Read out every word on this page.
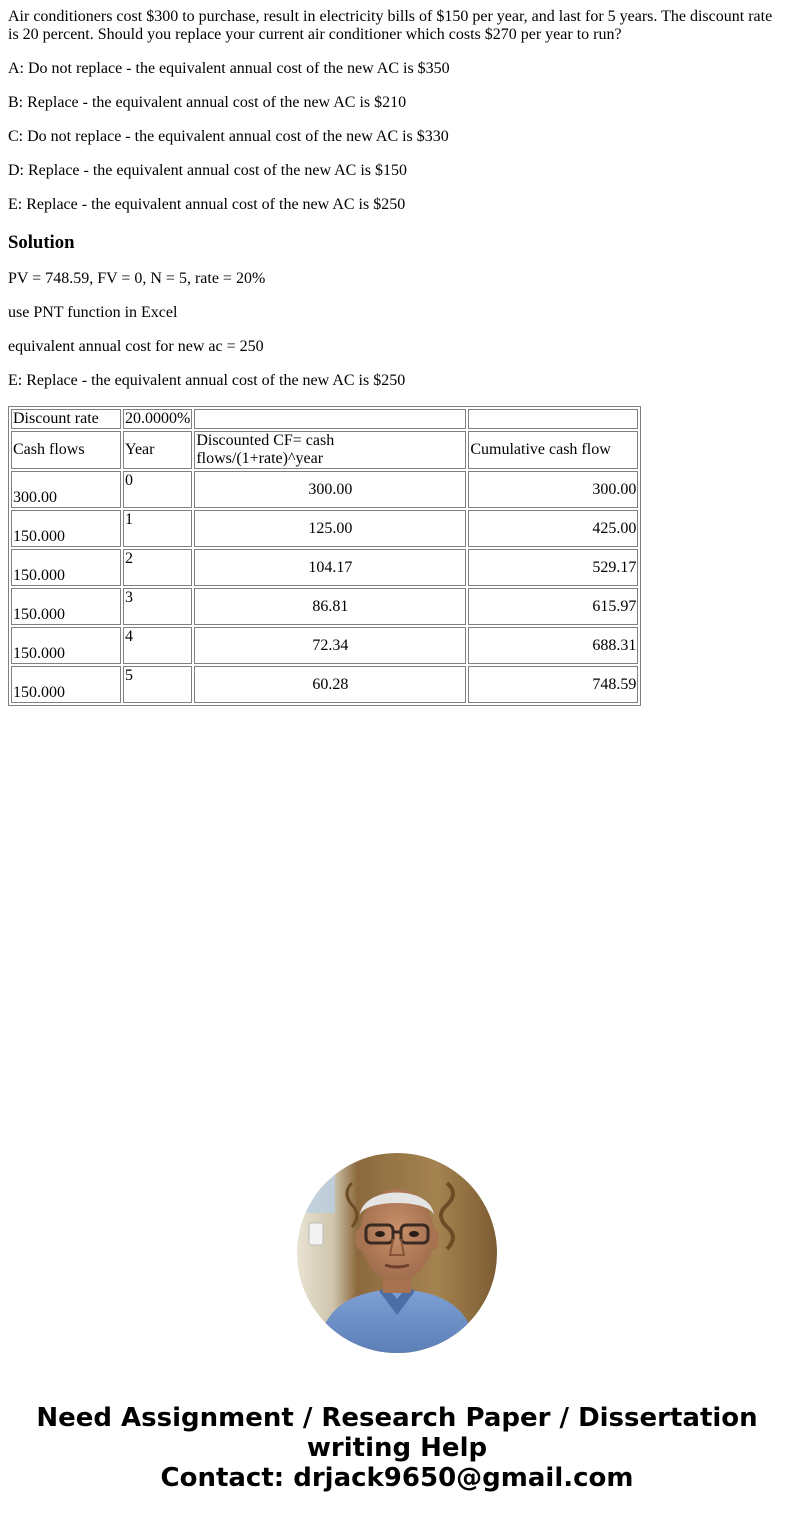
Air conditioners cost $300 to purchase, result in electricity bills of $150 per year, and last for 5 years. The discount rate is 20 percent. Should you replace your current air conditioner which costs $270 per year to run?

A: Do not replace - the equivalent annual cost of the new AC is $350

B: Replace - the equivalent annual cost of the new AC is $210

C: Do not replace - the equivalent annual cost of the new AC is $330

D: Replace - the equivalent annual cost of the new AC is $150

E: Replace - the equivalent annual cost of the new AC is $250

Solution

PV = 748.59, FV = 0, N = 5, rate = 20%

use PNT function in Excel

equivalent annual cost for new ac = 250

E: Replace - the equivalent annual cost of the new AC is $250

Discount rate	20.0000%		
Cash flows	Year	Discounted CF= cash flows/(1+rate)^year	Cumulative cash flow
300.00	0	300.00	300.00
150.000	1	125.00	425.00
150.000	2	104.17	529.17
150.000	3	86.81	615.97
150.000	4	72.34	688.31
150.000	5	60.28	748.59
Need Assignment / Research Paper / Dissertation
writing Help
Contact: drjack9650@gmail.com
